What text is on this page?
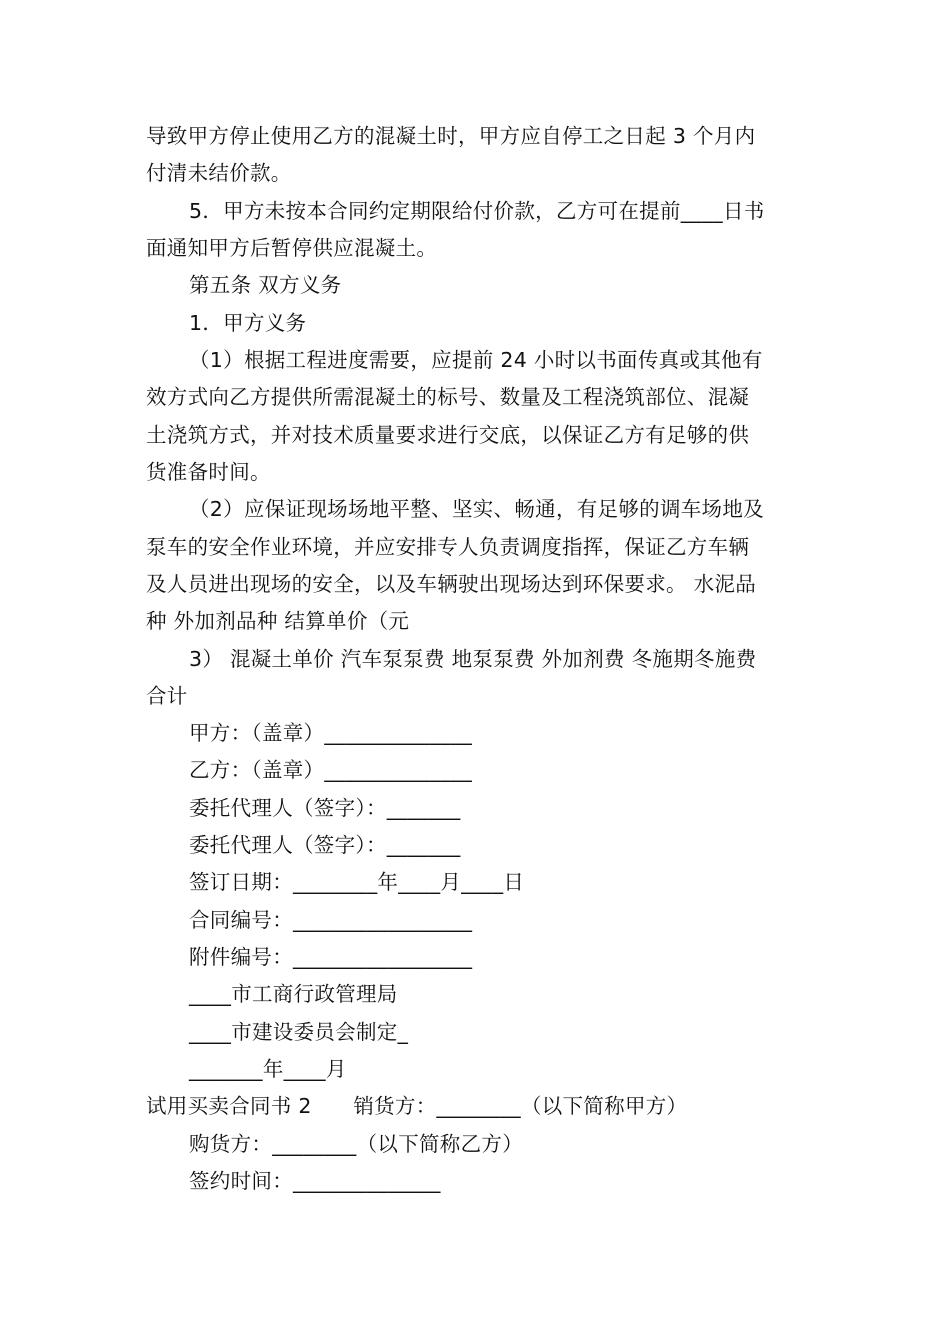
导致甲方停止使用乙方的混凝土时，甲方应自停工之日起 3 个月内
付清未结价款。
5．甲方未按本合同约定期限给付价款，乙方可在提前____日书
面通知甲方后暂停供应混凝土。
第五条 双方义务
1．甲方义务
（1）根据工程进度需要，应提前 24 小时以书面传真或其他有
效方式向乙方提供所需混凝土的标号、数量及工程浇筑部位、混凝
土浇筑方式，并对技术质量要求进行交底，以保证乙方有足够的供
货准备时间。
（2）应保证现场场地平整、坚实、畅通，有足够的调车场地及
泵车的安全作业环境，并应安排专人负责调度指挥，保证乙方车辆
及人员进出现场的安全，以及车辆驶出现场达到环保要求。 水泥品
种 外加剂品种 结算单价（元
3） 混凝土单价 汽车泵泵费 地泵泵费 外加剂费 冬施期冬施费
合计
甲方：（盖章）______________
乙方：（盖章）______________
委托代理人（签字）：_______
委托代理人（签字）：_______
签订日期：________年____月____日
合同编号：_________________
附件编号：_________________
____市工商行政管理局
____市建设委员会制定_
_______年____月
试用买卖合同书 2　　销货方：________（以下简称甲方）
购货方：________（以下简称乙方）
签约时间：______________
